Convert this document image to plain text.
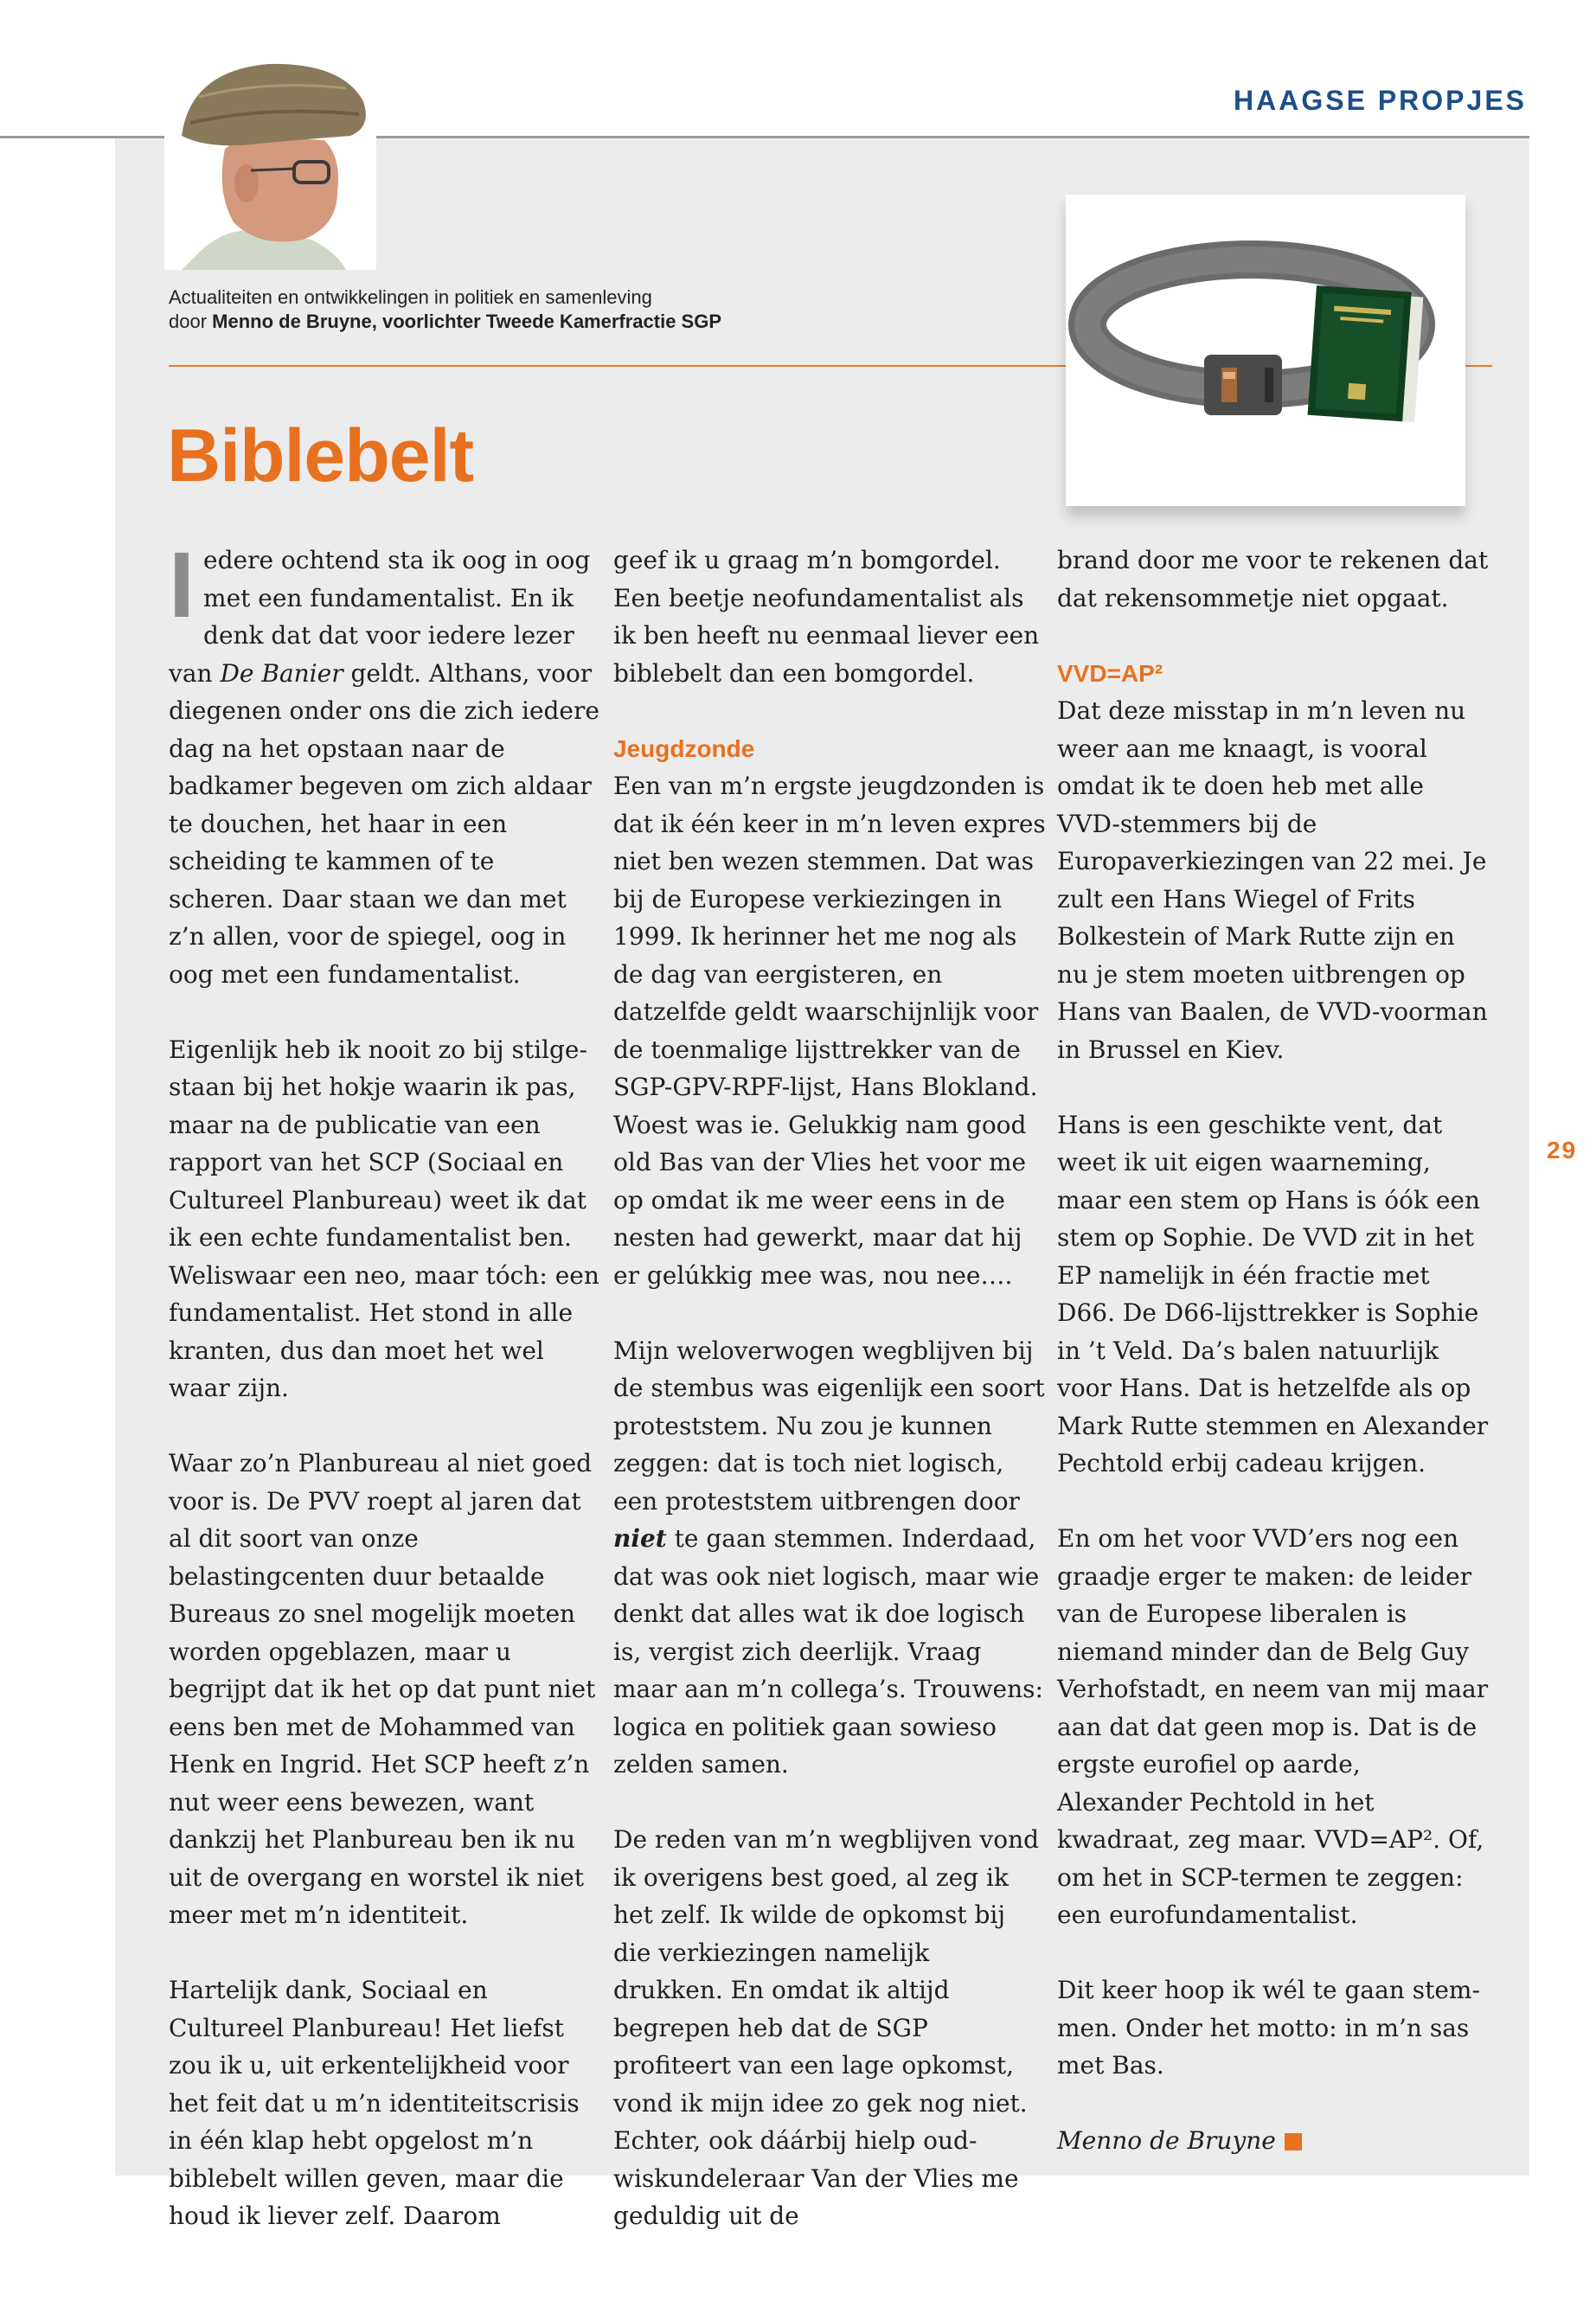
HAAGSE PROPJES
Actualiteiten en ontwikkelingen in politiek en samenleving
door Menno de Bruyne, voorlichter Tweede Kamerfractie SGP
Biblebelt

Iedere ochtend sta ik oog in oog met een fundamentalist. En ik denk dat dat voor iedere lezer van De Banier geldt. Althans, voor diegenen onder ons die zich iedere dag na het opstaan naar de badkamer begeven om zich aldaar te douchen, het haar in een scheiding te kammen of te scheren. Daar staan we dan met z’n allen, voor de spiegel, oog in oog met een fundamentalist.

Eigenlijk heb ik nooit zo bij stilgestaan bij het hokje waarin ik pas, maar na de publicatie van een rapport van het SCP (Sociaal en Cultureel Planbureau) weet ik dat ik een echte fundamentalist ben. Weliswaar een neo, maar tóch: een fundamentalist. Het stond in alle kranten, dus dan moet het wel waar zijn.

Waar zo’n Planbureau al niet goed voor is. De PVV roept al jaren dat al dit soort van onze belastingcenten duur betaalde Bureaus zo snel mogelijk moeten worden opgeblazen, maar u begrijpt dat ik het op dat punt niet eens ben met de Mohammed van Henk en Ingrid. Het SCP heeft z’n nut weer eens bewezen, want dankzij het Planbureau ben ik nu uit de overgang en worstel ik niet meer met m’n identiteit.

Hartelijk dank, Sociaal en Cultureel Planbureau! Het liefst zou ik u, uit erkentelijkheid voor het feit dat u m’n identiteitscrisis in één klap hebt opgelost m’n biblebelt willen geven, maar die houd ik liever zelf. Daarom

geef ik u graag m’n bomgordel. Een beetje neofundamentalist als ik ben heeft nu eenmaal liever een biblebelt dan een bomgordel.

Jeugdzonde

Een van m’n ergste jeugdzonden is dat ik één keer in m’n leven expres niet ben wezen stemmen. Dat was bij de Europese verkiezingen in 1999. Ik herinner het me nog als de dag van eergisteren, en datzelfde geldt waarschijnlijk voor de toenmalige lijsttrekker van de SGP-GPV-RPF-lijst, Hans Blokland. Woest was ie. Gelukkig nam good old Bas van der Vlies het voor me op omdat ik me weer eens in de nesten had gewerkt, maar dat hij er gelúkkig mee was, nou nee….

Mijn weloverwogen wegblijven bij de stembus was eigenlijk een soort proteststem. Nu zou je kunnen zeggen: dat is toch niet logisch, een proteststem uitbrengen door niet te gaan stemmen. Inderdaad, dat was ook niet logisch, maar wie denkt dat alles wat ik doe logisch is, vergist zich deerlijk. Vraag maar aan m’n collega’s. Trouwens: logica en politiek gaan sowieso zelden samen.

De reden van m’n wegblijven vond ik overigens best goed, al zeg ik het zelf. Ik wilde de opkomst bij die verkiezingen namelijk drukken. En omdat ik altijd begrepen heb dat de SGP profiteert van een lage opkomst, vond ik mijn idee zo gek nog niet. Echter, ook dáárbij hielp oud-wiskundeleraar Van der Vlies me geduldig uit de

brand door me voor te rekenen dat dat rekensommetje niet opgaat.

VVD=AP²

Dat deze misstap in m’n leven nu weer aan me knaagt, is vooral omdat ik te doen heb met alle VVD-stemmers bij de Europaverkiezingen van 22 mei. Je zult een Hans Wiegel of Frits Bolkestein of Mark Rutte zijn en nu je stem moeten uitbrengen op Hans van Baalen, de VVD-voorman in Brussel en Kiev.

Hans is een geschikte vent, dat weet ik uit eigen waarneming, maar een stem op Hans is óók een stem op Sophie. De VVD zit in het EP namelijk in één fractie met D66. De D66-lijsttrekker is Sophie in ’t Veld. Da’s balen natuurlijk voor Hans. Dat is hetzelfde als op Mark Rutte stemmen en Alexander Pechtold erbij cadeau krijgen.

En om het voor VVD’ers nog een graadje erger te maken: de leider van de Europese liberalen is niemand minder dan de Belg Guy Verhofstadt, en neem van mij maar aan dat dat geen mop is. Dat is de ergste eurofiel op aarde, Alexander Pechtold in het kwadraat, zeg maar. VVD=AP². Of, om het in SCP-termen te zeggen: een eurofundamentalist.

Dit keer hoop ik wél te gaan stemmen. Onder het motto: in m’n sas met Bas.

Menno de Bruyne

29
